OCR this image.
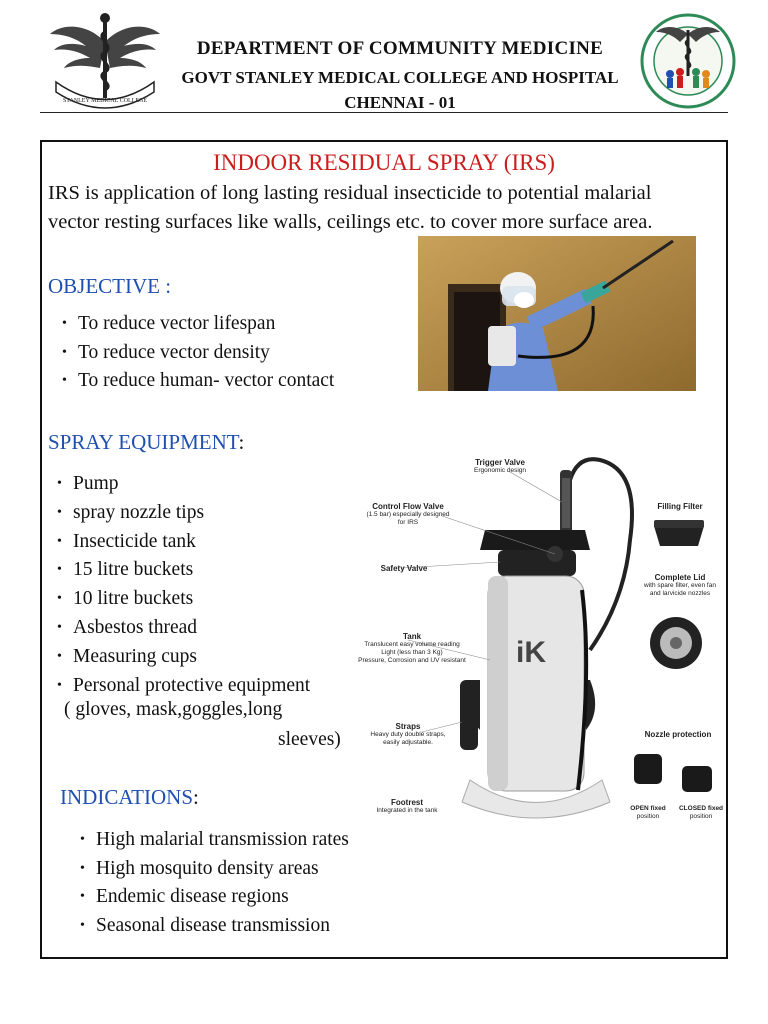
STANLEY MEDICAL COLLEGE
DEPARTMENT OF COMMUNITY MEDICINE
GOVT STANLEY MEDICAL COLLEGE AND HOSPITAL
CHENNAI - 01
INDOOR RESIDUAL SPRAY (IRS)
IRS is application of long lasting residual insecticide to potential malarial vector resting surfaces like walls, ceilings etc. to cover more surface area.
OBJECTIVE :
• To reduce vector lifespan
• To reduce vector density
• To reduce human- vector contact
SPRAY EQUIPMENT:
• Pump
• spray nozzle tips
• Insecticide tank
• 15 litre buckets
• 10 litre buckets
• Asbestos thread
• Measuring cups
• Personal protective equipment
( gloves, mask,goggles,long
sleeves)
iK
Trigger Valve
Ergonomic design
Control Flow Valve
(1.5 bar) especially designed
for IRS
Filling Filter
Safety Valve
Complete Lid
with spare filter, even fan
and larvicide nozzles
Tank
Translucent easy volume reading
Light (less than 3 Kg)
Pressure, Corrosion and UV resistant
Straps
Heavy duty double straps,
easily adjustable.
Nozzle protection
Footrest
Integrated in the tank	OPEN fixed
position
CLOSED fixed
position
INDICATIONS:
• High malarial transmission rates
• High mosquito density areas
• Endemic disease regions
• Seasonal disease transmission
